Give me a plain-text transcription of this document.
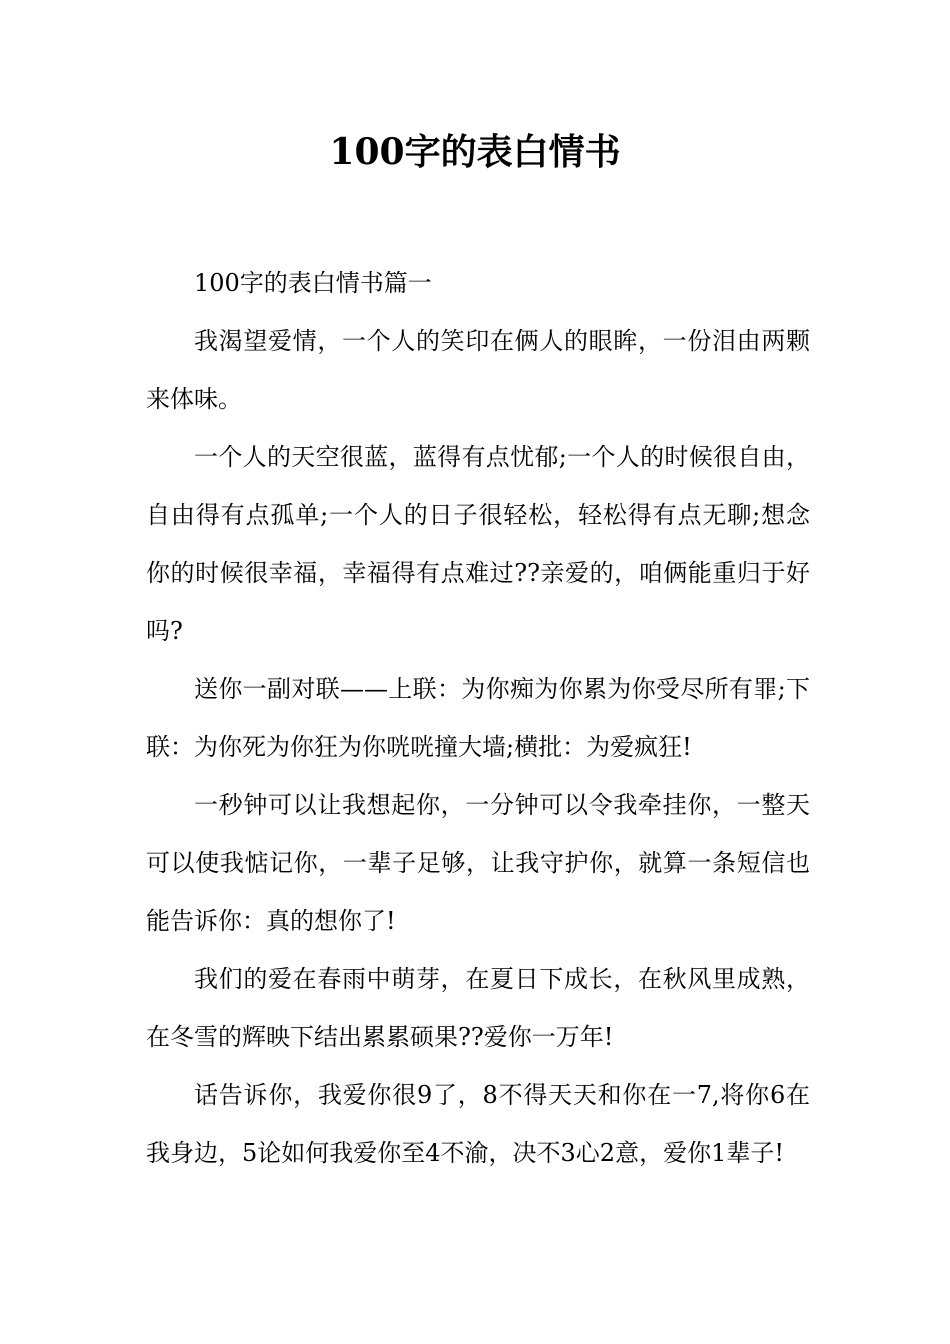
100字的表白情书

100字的表白情书篇一

我渴望爱情，一个人的笑印在俩人的眼眸，一份泪由两颗来体味。

一个人的天空很蓝，蓝得有点忧郁;一个人的时候很自由，自由得有点孤单;一个人的日子很轻松，轻松得有点无聊;想念你的时候很幸福，幸福得有点难过??亲爱的，咱俩能重归于好吗?

送你一副对联——上联：为你痴为你累为你受尽所有罪;下联：为你死为你狂为你咣咣撞大墙;横批：为爱疯狂!

一秒钟可以让我想起你，一分钟可以令我牵挂你，一整天可以使我惦记你，一辈子足够，让我守护你，就算一条短信也能告诉你：真的想你了!

我们的爱在春雨中萌芽，在夏日下成长，在秋风里成熟，在冬雪的辉映下结出累累硕果??爱你一万年!

话告诉你，我爱你很9了，8不得天天和你在一7,将你6在我身边，5论如何我爱你至4不渝，决不3心2意，爱你1辈子!
